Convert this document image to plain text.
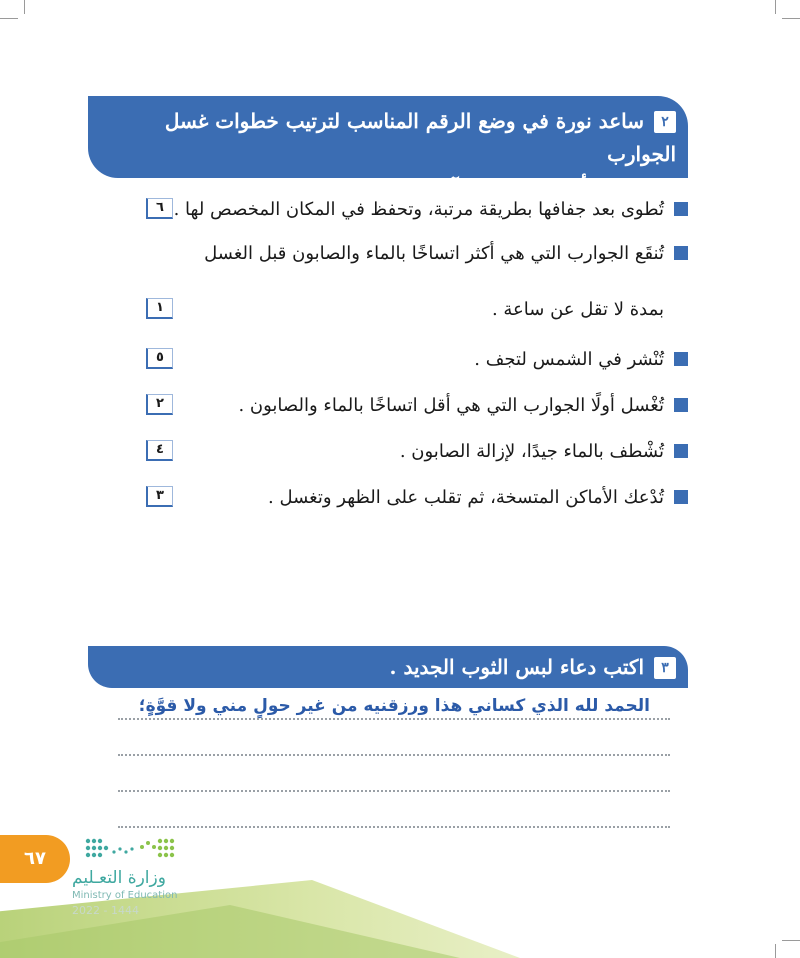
٢ساعد نورة في وضع الرقم المناسب لترتيب خطوات غسل الجوارب
البيض أمام العبارات الآتية :
تُطوى بعد جفافها بطريقة مرتبة، وتحفظ في المكان المخصص لها .
٦
تُنقَع الجوارب التي هي أكثر اتساخًا بالماء والصابون قبل الغسل
بمدة لا تقل عن ساعة .
١
تُنْشر في الشمس لتجف .
٥
تُغْسل أولًا الجوارب التي هي أقل اتساخًا بالماء والصابون .
٢
تُشْطف بالماء جيدًا، لإزالة الصابون .
٤
تُدْعك الأماكن المتسخة، ثم تقلب على الظهر وتغسل .
٣
٣اكتب دعاء لبس الثوب الجديد .
الحمد لله الذي كساني هذا ورزقنيه من غير حولٍ مني ولا قوَّةٍ؛
٦٧
وزارة التعـليم
Ministry of Education
2022 - 1444
